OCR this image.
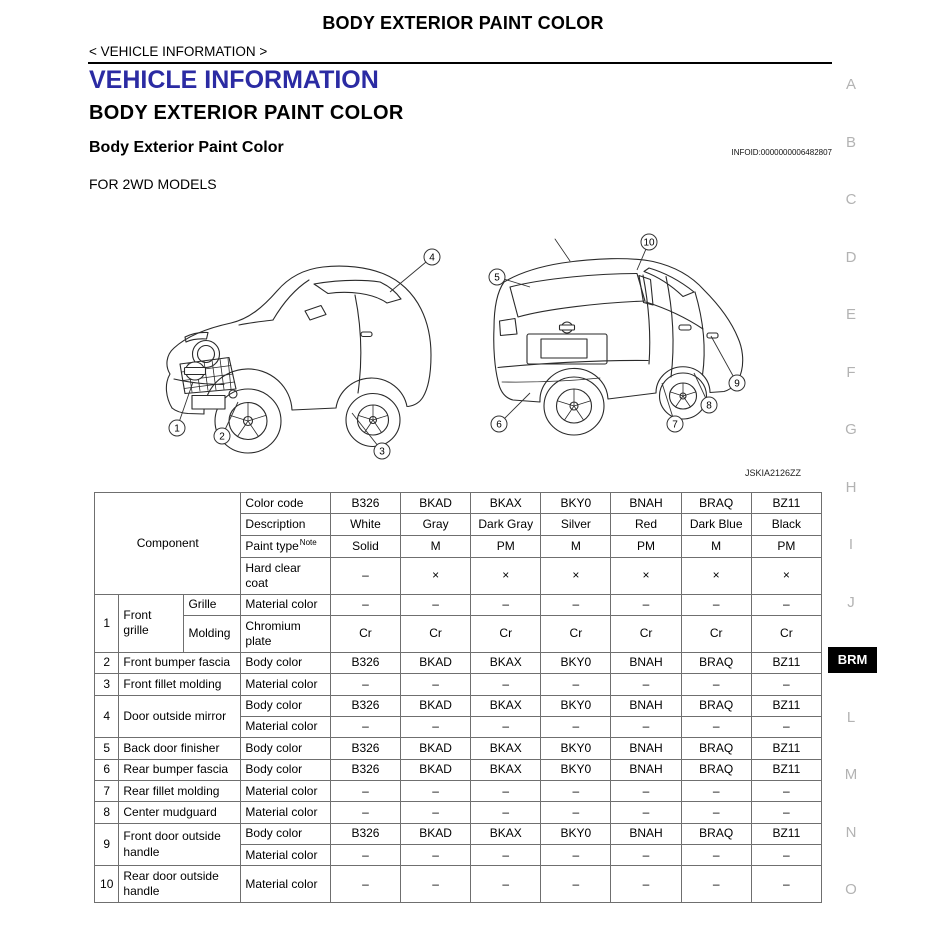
BODY EXTERIOR PAINT COLOR
< VEHICLE INFORMATION >
VEHICLE INFORMATION
BODY EXTERIOR PAINT COLOR
Body Exterior Paint Color	INFOID:0000000006482807
FOR 2WD MODELS
1
2
3
4
5
6	7
8
9
10
JSKIA2126ZZ
Component			Color code	B326	BKAD	BKAX	BKY0	BNAH	BRAQ	BZ11
			Description	White	Gray	Dark Gray	Silver	Red	Dark Blue	Black
			Paint type$^{Note}$	Solid	M	PM	M	PM	M	PM
			Hard clear coat	–	×	×	×	×	×	×
1	Front grille	Grille	Material color	–	–	–	–	–	–	–
		Molding	Chromium plate	Cr	Cr	Cr	Cr	Cr	Cr	Cr
2	Front bumper fascia		Body color	B326	BKAD	BKAX	BKY0	BNAH	BRAQ	BZ11
3	Front fillet molding		Material color	–	–	–	–	–	–	–
4	Door outside mirror		Body color	B326	BKAD	BKAX	BKY0	BNAH	BRAQ	BZ11
			Material color	–	–	–	–	–	–	–
5	Back door finisher		Body color	B326	BKAD	BKAX	BKY0	BNAH	BRAQ	BZ11
6	Rear bumper fascia		Body color	B326	BKAD	BKAX	BKY0	BNAH	BRAQ	BZ11
7	Rear fillet molding		Material color	–	–	–	–	–	–	–
8	Center mudguard		Material color	–	–	–	–	–	–	–
9	Front door outside handle		Body color	B326	BKAD	BKAX	BKY0	BNAH	BRAQ	BZ11
			Material color	–	–	–	–	–	–	–
10	Rear door outside handle		Material color	–	–	–	–	–	–	–
A
B
C
D
E
F
G
H
I
J
BRM
L
M
N
O
